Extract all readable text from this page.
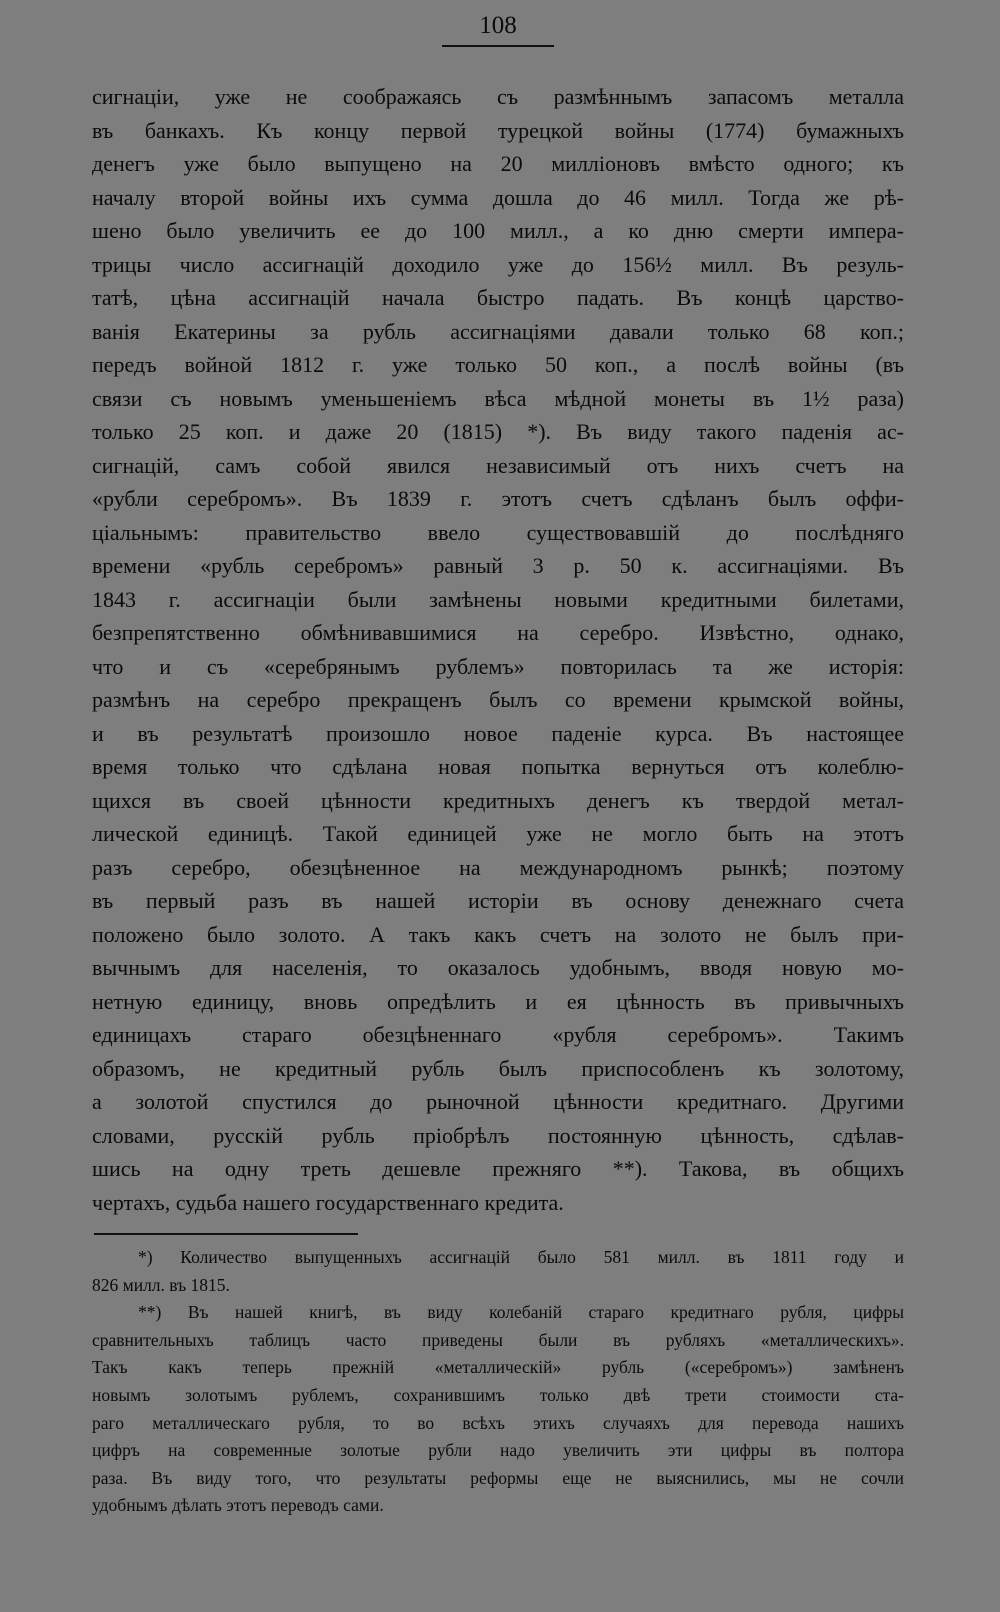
108
сигнацiи, уже не соображаясь съ размѣннымъ запасомъ металла
въ банкахъ. Къ концу первой турецкой войны (1774) бумажныхъ
денегъ уже было выпущено на 20 миллiоновъ вмѣсто одного; къ
началу второй войны ихъ сумма дошла до 46 милл. Тогда же рѣ-
шено было увеличить ее до 100 милл., а ко дню смерти импера-
трицы число ассигнацiй доходило уже до 156½ милл. Въ резуль-
татѣ, цѣна ассигнацiй начала быстро падать. Въ концѣ царство-
ванiя Екатерины за рубль ассигнацiями давали только 68 коп.;
передъ войной 1812 г. уже только 50 коп., а послѣ войны (въ
связи съ новымъ уменьшенiемъ вѣса мѣдной монеты въ 1½ раза)
только 25 коп. и даже 20 (1815) *). Въ виду такого паденiя ас-
сигнацiй, самъ собой явился независимый отъ нихъ счетъ на
«рубли серебромъ». Въ 1839 г. этотъ счетъ сдѣланъ былъ оффи-
цiальнымъ: правительство ввело существовавшiй до послѣдняго
времени «рубль серебромъ» равный 3 р. 50 к. ассигнацiями. Въ
1843 г. ассигнацiи были замѣнены новыми кредитными билетами,
безпрепятственно обмѣнивавшимися на серебро. Извѣстно, однако,
что и съ «серебрянымъ рублемъ» повторилась та же исторiя:
размѣнъ на серебро прекращенъ былъ со времени крымской войны,
и въ результатѣ произошло новое паденiе курса. Въ настоящее
время только что сдѣлана новая попытка вернуться отъ колеблю-
щихся въ своей цѣнности кредитныхъ денегъ къ твердой метал-
лической единицѣ. Такой единицей уже не могло быть на этотъ
разъ серебро, обезцѣненное на международномъ рынкѣ; поэтому
въ первый разъ въ нашей исторiи въ основу денежнаго счета
положено было золото. А такъ какъ счетъ на золото не былъ при-
вычнымъ для населенiя, то оказалось удобнымъ, вводя новую мо-
нетную единицу, вновь опредѣлить и ея цѣнность въ привычныхъ
единицахъ стараго обезцѣненнаго «рубля серебромъ». Такимъ
образомъ, не кредитный рубль былъ приспособленъ къ золотому,
а золотой спустился до рыночной цѣнности кредитнаго. Другими
словами, русскiй рубль прiобрѣлъ постоянную цѣнность, сдѣлав-
шись на одну треть дешевле прежняго **). Такова, въ общихъ
чертахъ, судьба нашего государственнаго кредита.
*) Количество выпущенныхъ ассигнацiй было 581 милл. въ 1811 году и
826 милл. въ 1815.
**) Въ нашей книгѣ, въ виду колебанiй стараго кредитнаго рубля, цифры
сравнительныхъ таблицъ часто приведены были въ рубляхъ «металлическихъ».
Такъ какъ теперь прежнiй «металлическiй» рубль («серебромъ») замѣненъ
новымъ золотымъ рублемъ, сохранившимъ только двѣ трети стоимости ста-
раго металлическаго рубля, то во всѣхъ этихъ случаяхъ для перевода нашихъ
цифръ на современные золотые рубли надо увеличить эти цифры въ полтора
раза. Въ виду того, что результаты реформы еще не выяснились, мы не сочли
удобнымъ дѣлать этотъ переводъ сами.
